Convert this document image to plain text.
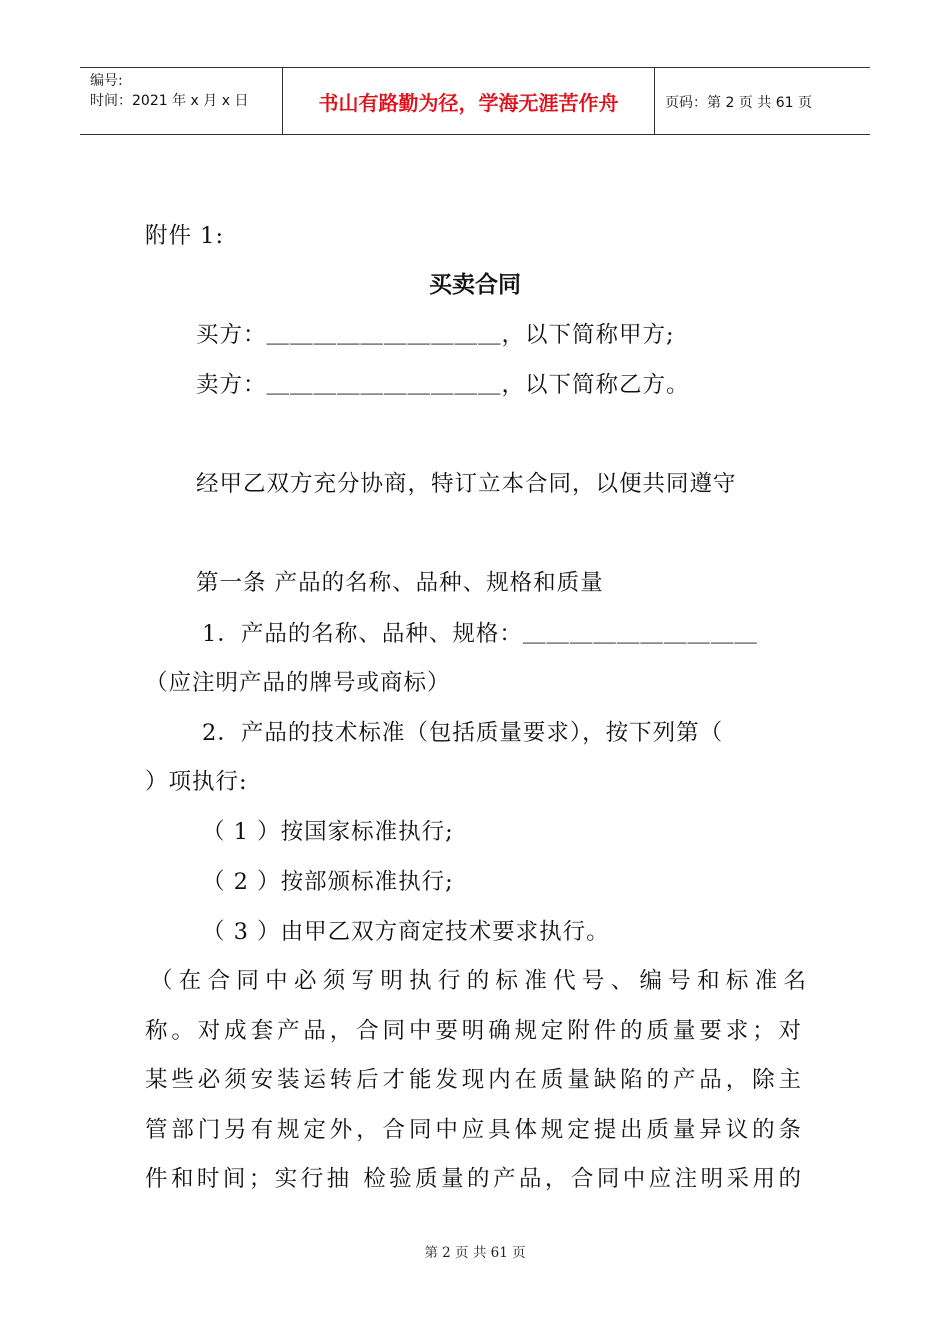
编号:
时间：2021 年 x 月 x 日	书山有路勤为径，学海无涯苦作舟	页码：第 2 页 共 61 页
附件 1:
买卖合同
买方：＿＿＿＿＿＿＿＿＿＿，以下简称甲方;
卖方：＿＿＿＿＿＿＿＿＿＿，以下简称乙方。
经甲乙双方充分协商，特订立本合同，以便共同遵守
第一条 产品的名称、品种、规格和质量
1．产品的名称、品种、规格：＿＿＿＿＿＿＿＿＿＿
（应注明产品的牌号或商标）
2．产品的技术标准（包括质量要求），按下列第（
）项执行:
（ 1 ）按国家标准执行;
（ 2 ）按部颁标准执行;
（ 3 ）由甲乙双方商定技术要求执行。
（在合同中必须写明执行的标准代号、编号和标准名
称。对成套产品，合同中要明确规定附件的质量要求；对
某些必须安装运转后才能发现内在质量缺陷的产品，除主
管部门另有规定外，合同中应具体规定提出质量异议的条
件和时间；实行抽 检验质量的产品，合同中应注明采用的
第 2 页 共 61 页
